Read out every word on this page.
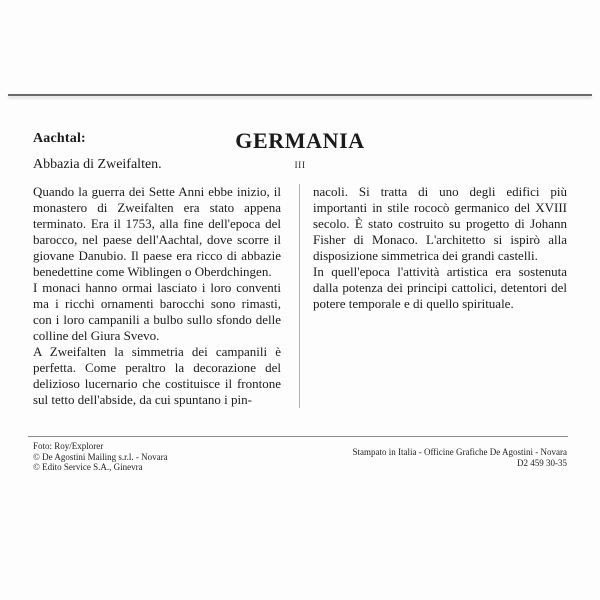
Aachtal:
Abbazia di Zweifalten.
GERMANIA
III

Quando la guerra dei Sette Anni ebbe inizio, il monastero di Zweifalten era stato appena terminato. Era il 1753, alla fine dell'epoca del barocco, nel paese dell'Aachtal, dove scorre il giovane Danubio. Il paese era ricco di abbazie benedettine come Wiblingen o Oberdchingen.

I monaci hanno ormai lasciato i loro conventi ma i ricchi ornamenti barocchi sono rimasti, con i loro campanili a bulbo sullo sfondo delle colline del Giura Svevo.

A Zweifalten la simmetria dei campanili è perfetta. Come peraltro la decorazione del delizioso lucernario che costituisce il frontone sul tetto dell'abside, da cui spuntano i pin-

nacoli. Si tratta di uno degli edifici più importanti in stile rococò germanico del XVIII secolo. È stato costruito su progetto di Johann Fisher di Monaco. L'architetto si ispirò alla disposizione simmetrica dei grandi castelli.

In quell'epoca l'attività artistica era sostenuta dalla potenza dei principi cattolici, detentori del potere temporale e di quello spirituale.

Foto: Roy/Explorer
© De Agostini Mailing s.r.l. - Novara
© Edito Service S.A., Ginevra
Stampato in Italia - Officine Grafiche De Agostini - Novara
D2 459 30-35
